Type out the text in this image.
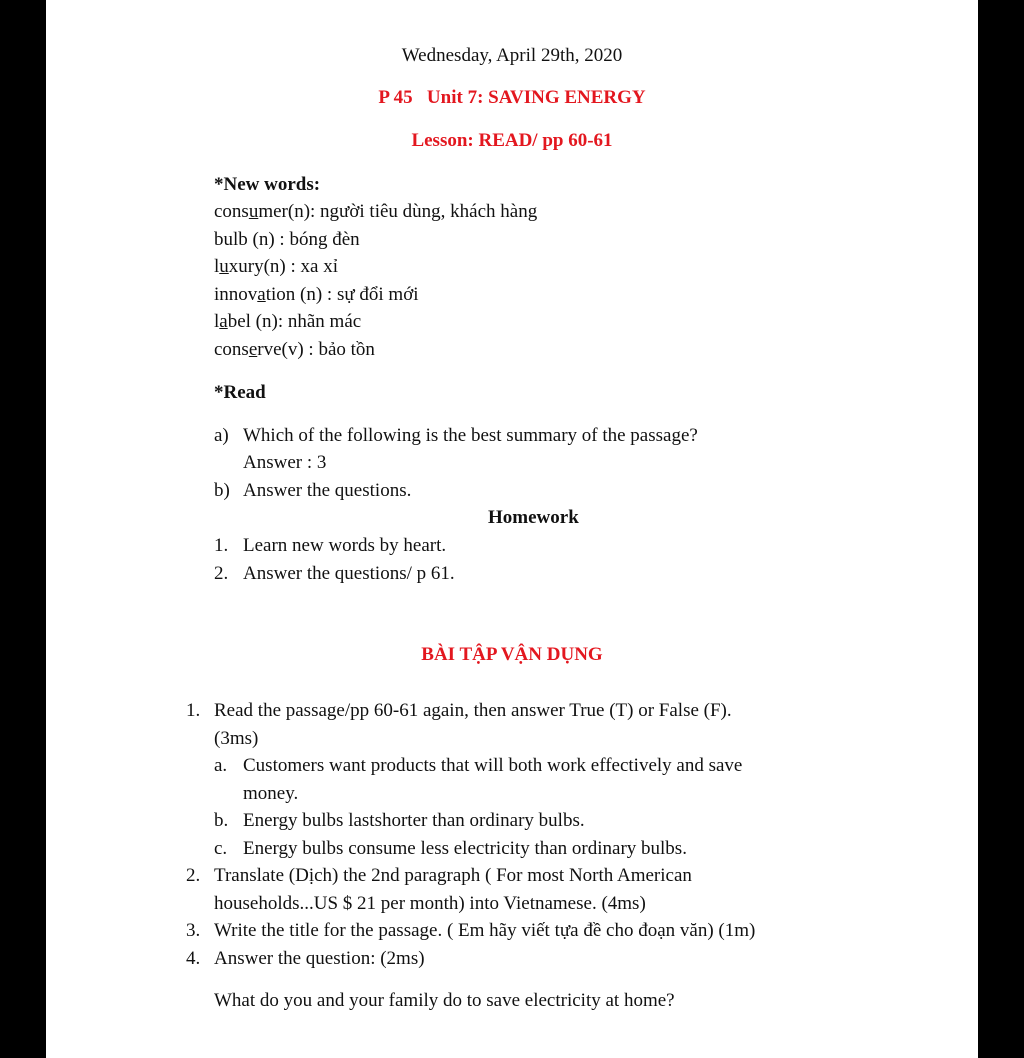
Wednesday, April 29th, 2020
P 45 Unit 7: SAVING ENERGY
Lesson: READ/ pp 60-61
*New words:
consumer(n): người tiêu dùng, khách hàng
bulb (n) : bóng đèn
luxury(n) : xa xỉ
innovation (n) : sự đổi mới
label (n): nhãn mác
conserve(v) : bảo tồn
*Read
a) Which of the following is the best summary of the passage?
Answer : 3
b) Answer the questions.
Homework
1. Learn new words by heart.
2. Answer the questions/ p 61.
BÀI TẬP VẬN DỤNG
1. Read the passage/pp 60-61 again, then answer True (T) or False (F).
(3ms)
a. Customers want products that will both work effectively and save
money.
b. Energy bulbs lastshorter than ordinary bulbs.
c. Energy bulbs consume less electricity than ordinary bulbs.
2. Translate (Dịch) the 2nd paragraph ( For most North American
households...US $ 21 per month) into Vietnamese. (4ms)
3. Write the title for the passage. ( Em hãy viết tựa đề cho đoạn văn) (1m)
4. Answer the question: (2ms)
What do you and your family do to save electricity at home?
